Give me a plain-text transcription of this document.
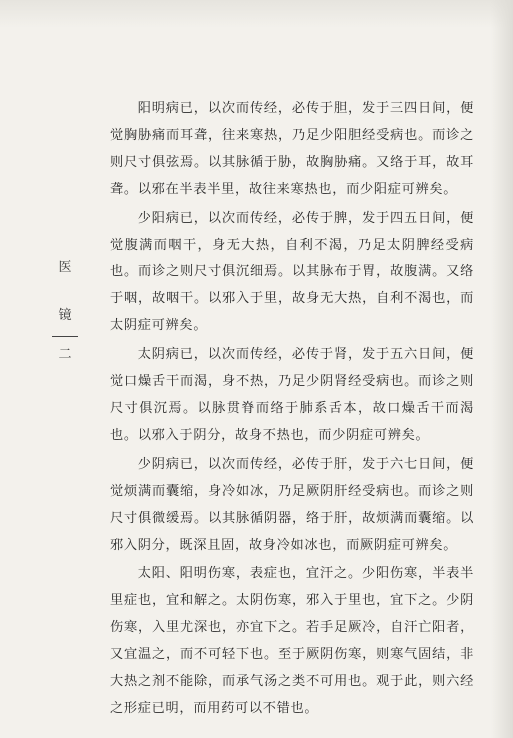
医
镜
二

阳明病已，以次而传经，必传于胆，发于三四日间，便觉胸胁痛而耳聋，往来寒热，乃足少阳胆经受病也。而诊之则尺寸俱弦焉。以其脉循于胁，故胸胁痛。又络于耳，故耳聋。以邪在半表半里，故往来寒热也，而少阳症可辨矣。

少阳病已，以次而传经，必传于脾，发于四五日间，便觉腹满而咽干，身无大热，自利不渴，乃足太阴脾经受病也。而诊之则尺寸俱沉细焉。以其脉布于胃，故腹满。又络于咽，故咽干。以邪入于里，故身无大热，自利不渴也，而太阴症可辨矣。

太阴病已，以次而传经，必传于肾，发于五六日间，便觉口燥舌干而渴，身不热，乃足少阴肾经受病也。而诊之则尺寸俱沉焉。以脉贯脊而络于肺系舌本，故口燥舌干而渴也。以邪入于阴分，故身不热也，而少阴症可辨矣。

少阴病已，以次而传经，必传于肝，发于六七日间，便觉烦满而囊缩，身冷如冰，乃足厥阴肝经受病也。而诊之则尺寸俱微缓焉。以其脉循阴器，络于肝，故烦满而囊缩。以邪入阴分，既深且固，故身冷如冰也，而厥阴症可辨矣。

太阳、阳明伤寒，表症也，宜汗之。少阳伤寒，半表半里症也，宜和解之。太阴伤寒，邪入于里也，宜下之。少阴伤寒，入里尤深也，亦宜下之。若手足厥冷，自汗亡阳者，又宜温之，而不可轻下也。至于厥阴伤寒，则寒气固结，非大热之剂不能除，而承气汤之类不可用也。观于此，则六经之形症已明，而用药可以不错也。
